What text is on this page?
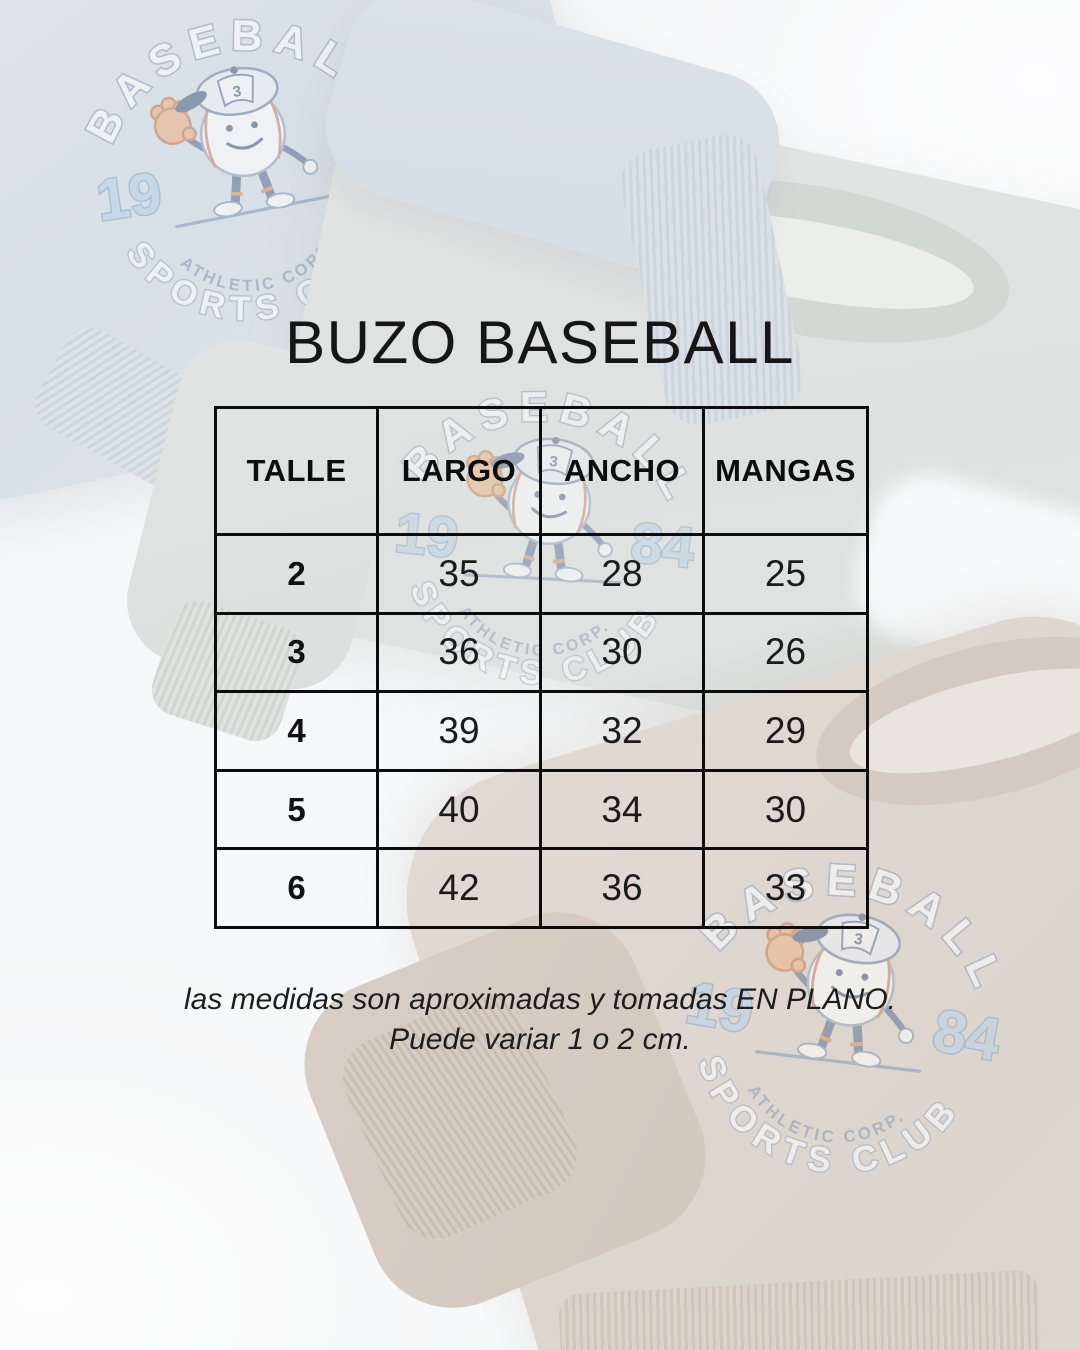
BUZO BASEBALL
TALLE	LARGO	ANCHO	MANGAS
2	35	28	25
3	36	30	26
4	39	32	29
5	40	34	30
6	42	36	33
las medidas son aproximadas y tomadas EN PLANO.
Puede variar 1 o 2 cm.
